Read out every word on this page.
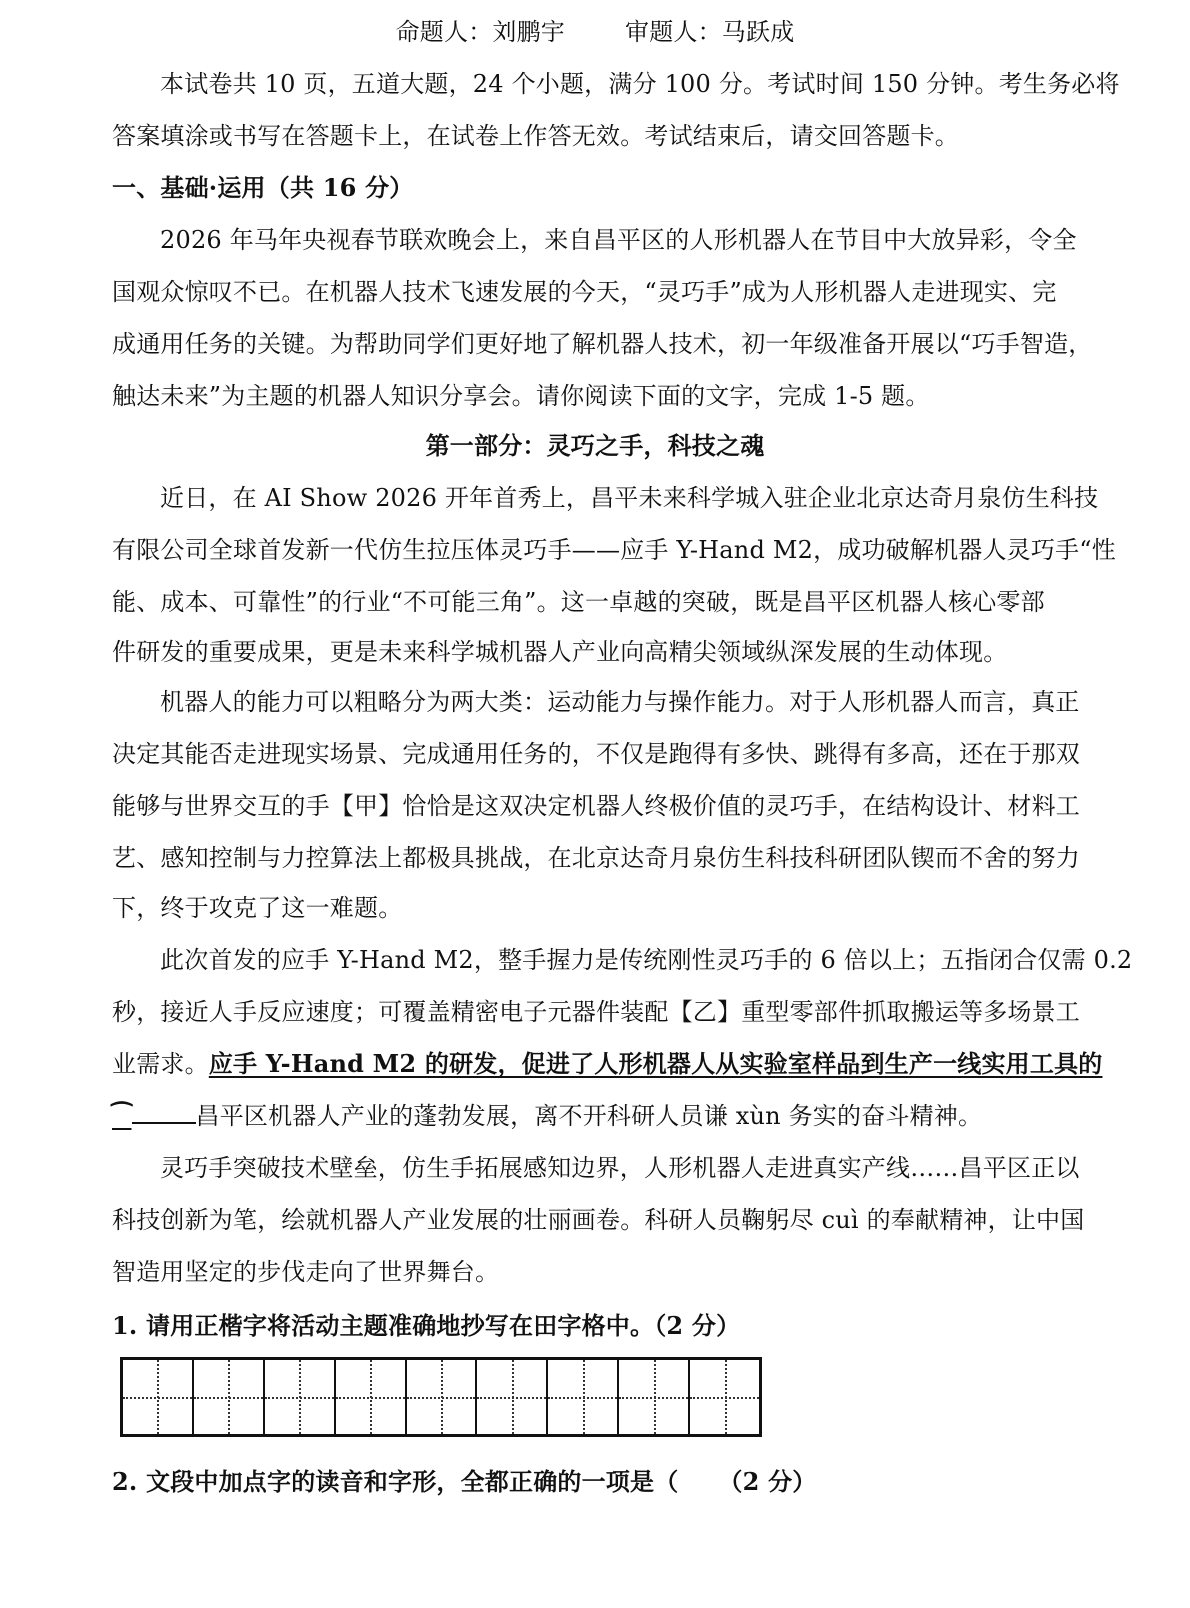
命题人：刘鹏宇	审题人：马跃成
本试卷共 10 页，五道大题，24 个小题，满分 100 分。考试时间 150 分钟。考生务必将
答案填涂或书写在答题卡上，在试卷上作答无效。考试结束后，请交回答题卡。
一、基础·运用（共 16 分）
2026 年马年央视春节联欢晚会上，来自昌平区的人形机器人在节目中大放异彩，令全
国观众惊叹不已。在机器人技术飞速发展的今天，“灵巧手”成为人形机器人走进现实、完
成通用任务的关键。为帮助同学们更好地了解机器人技术，初一年级准备开展以“巧手智造，
触达未来”为主题的机器人知识分享会。请你阅读下面的文字，完成 1-5 题。
第一部分：灵巧之手，科技之魂
近日，在 AI Show 2026 开年首秀上，昌平未来科学城入驻企业北京达奇月泉仿生科技
有限公司全球首发新一代仿生拉压体灵巧手——应手 Y-Hand M2，成功破解机器人灵巧手“性
能、成本、可靠性”的行业“不可能三角”。这一卓越的突破，既是昌平区机器人核心零部
件研发的重要成果，更是未来科学城机器人产业向高精尖领域纵深发展的生动体现。
机器人的能力可以粗略分为两大类：运动能力与操作能力。对于人形机器人而言，真正
决定其能否走进现实场景、完成通用任务的，不仅是跑得有多快、跳得有多高，还在于那双
能够与世界交互的手【甲】恰恰是这双决定机器人终极价值的灵巧手，在结构设计、材料工
艺、感知控制与力控算法上都极具挑战，在北京达奇月泉仿生科技科研团队锲而不舍的努力
下，终于攻克了这一难题。
此次首发的应手 Y-Hand M2，整手握力是传统刚性灵巧手的 6 倍以上；五指闭合仅需 0.2
秒，接近人手反应速度；可覆盖精密电子元器件装配【乙】重型零部件抓取搬运等多场景工
业需求。应手 Y-Hand M2 的研发，促进了人形机器人从实验室样品到生产一线实用工具的
⁀	昌平区机器人产业的蓬勃发展，离不开科研人员谦 xùn 务实的奋斗精神。
灵巧手突破技术壁垒，仿生手拓展感知边界，人形机器人走进真实产线……昌平区正以
科技创新为笔，绘就机器人产业发展的壮丽画卷。科研人员鞠躬尽 cuì 的奉献精神，让中国
智造用坚定的步伐走向了世界舞台。
1. 请用正楷字将活动主题准确地抄写在田字格中。（2 分）
2. 文段中加点字的读音和字形，全都正确的一项是（ （2 分）
